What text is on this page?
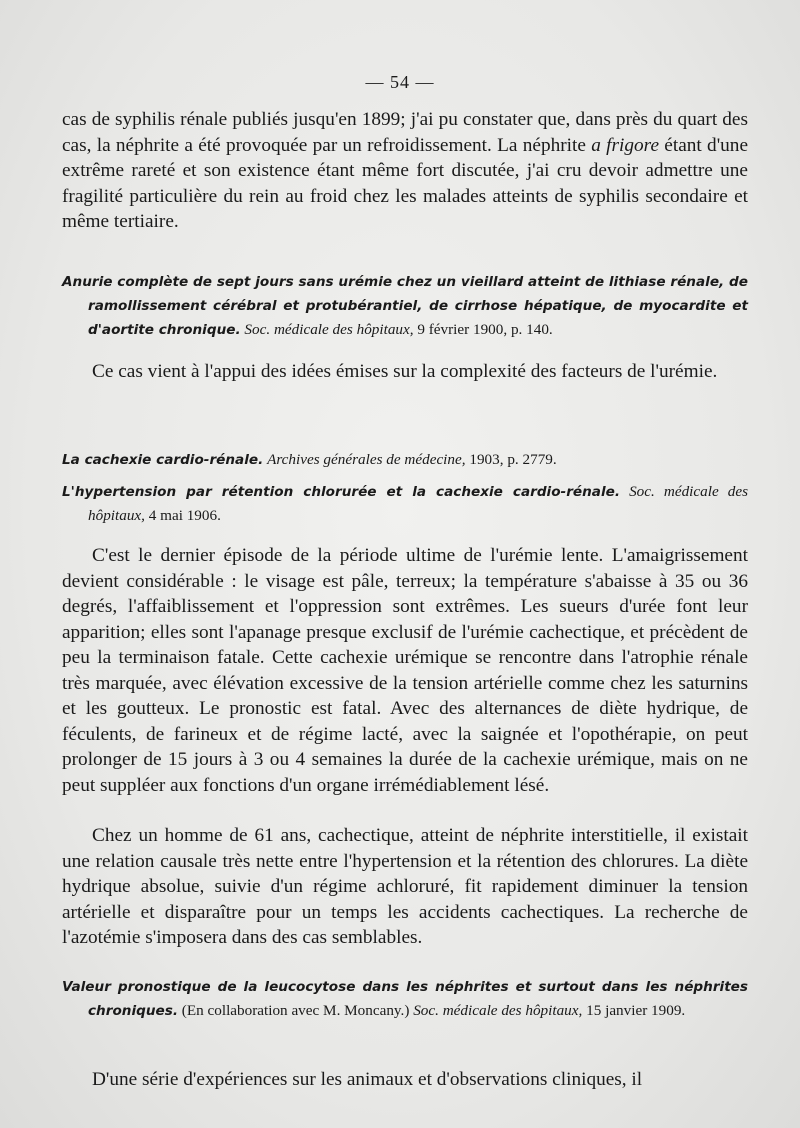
— 54 —

cas de syphilis rénale publiés jusqu'en 1899; j'ai pu constater que, dans près du quart des cas, la néphrite a été provoquée par un refroidissement. La néphrite a frigore étant d'une extrême rareté et son existence étant même fort discutée, j'ai cru devoir admettre une fragilité particulière du rein au froid chez les malades atteints de syphilis secondaire et même tertiaire.

Anurie complète de sept jours sans urémie chez un vieillard atteint de lithiase rénale, de ramollissement cérébral et protubérantiel, de cirrhose hépatique, de myocardite et d'aortite chronique. Soc. médicale des hôpitaux, 9 février 1900, p. 140.

Ce cas vient à l'appui des idées émises sur la complexité des facteurs de l'urémie.

La cachexie cardio-rénale. Archives générales de médecine, 1903, p. 2779.

L'hypertension par rétention chlorurée et la cachexie cardio-rénale. Soc. médicale des hôpitaux, 4 mai 1906.

C'est le dernier épisode de la période ultime de l'urémie lente. L'amaigrissement devient considérable : le visage est pâle, terreux; la température s'abaisse à 35 ou 36 degrés, l'affaiblissement et l'oppression sont extrêmes. Les sueurs d'urée font leur apparition; elles sont l'apanage presque exclusif de l'urémie cachectique, et précèdent de peu la terminaison fatale. Cette cachexie urémique se rencontre dans l'atrophie rénale très marquée, avec élévation excessive de la tension artérielle comme chez les saturnins et les goutteux. Le pronostic est fatal. Avec des alternances de diète hydrique, de féculents, de farineux et de régime lacté, avec la saignée et l'opothérapie, on peut prolonger de 15 jours à 3 ou 4 semaines la durée de la cachexie urémique, mais on ne peut suppléer aux fonctions d'un organe irrémédiablement lésé.

Chez un homme de 61 ans, cachectique, atteint de néphrite interstitielle, il existait une relation causale très nette entre l'hypertension et la rétention des chlorures. La diète hydrique absolue, suivie d'un régime achloruré, fit rapidement diminuer la tension artérielle et disparaître pour un temps les accidents cachectiques. La recherche de l'azotémie s'imposera dans des cas semblables.

Valeur pronostique de la leucocytose dans les néphrites et surtout dans les néphrites chroniques. (En collaboration avec M. Moncany.) Soc. médicale des hôpitaux, 15 janvier 1909.

D'une série d'expériences sur les animaux et d'observations cliniques, il
